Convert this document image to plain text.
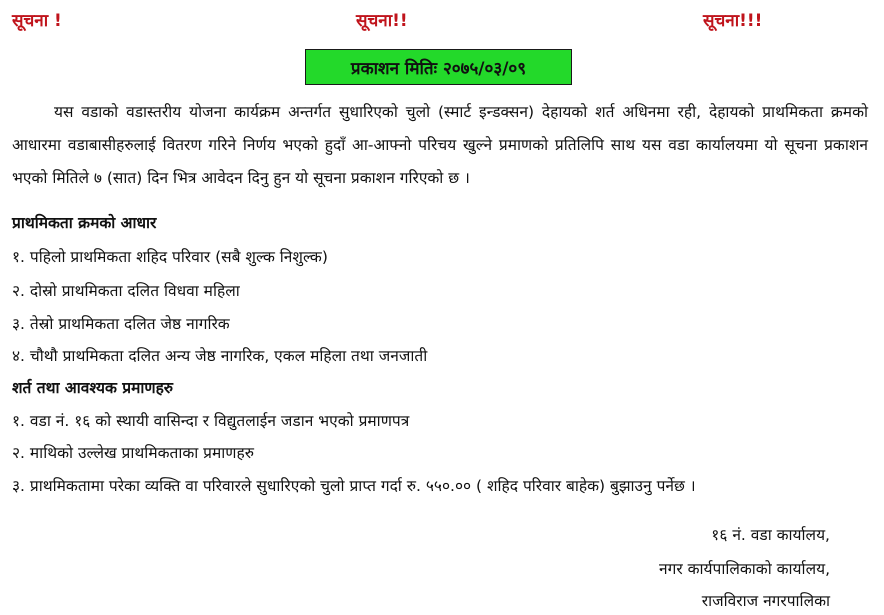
सूचना !	सूचना!!	सूचना!!!
प्रकाशन मितिः २०७५/०३/०९

यस वडाको वडास्तरीय योजना कार्यक्रम अन्तर्गत सुधारिएको चुलो (स्मार्ट इन्डक्सन) देहायको शर्त अधिनमा रही, देहायको प्राथमिकता क्रमको आधारमा वडाबासीहरुलाई वितरण गरिने निर्णय भएको हुदाँ आ-आफ्नो परिचय खुल्ने प्रमाणको प्रतिलिपि साथ यस वडा कार्यालयमा यो सूचना प्रकाशन भएको मितिले ७ (सात) दिन भित्र आवेदन दिनु हुन यो सूचना प्रकाशन गरिएको छ ।

प्राथमिकता क्रमको आधार
१. पहिलो प्राथमिकता शहिद परिवार (सबै शुल्क निशुल्क)
२. दोस्रो प्राथमिकता दलित विधवा महिला
३. तेस्रो प्राथमिकता दलित जेष्ठ नागरिक
४. चौथौ प्राथमिकता दलित अन्य जेष्ठ नागरिक, एकल महिला तथा जनजाती
शर्त तथा आवश्यक प्रमाणहरु
१. वडा नं. १६ को स्थायी वासिन्दा र विद्युतलाईन जडान भएको प्रमाणपत्र
२. माथिको उल्लेख प्राथमिकताका प्रमाणहरु
३. प्राथमिकतामा परेका व्यक्ति वा परिवारले सुधारिएको चुलो प्राप्त गर्दा रु. ५५०.०० ( शहिद परिवार बाहेक) बुझाउनु पर्नेछ ।
१६ नं. वडा कार्यालय,
नगर कार्यपालिकाको कार्यालय,
राजविराज नगरपालिका
